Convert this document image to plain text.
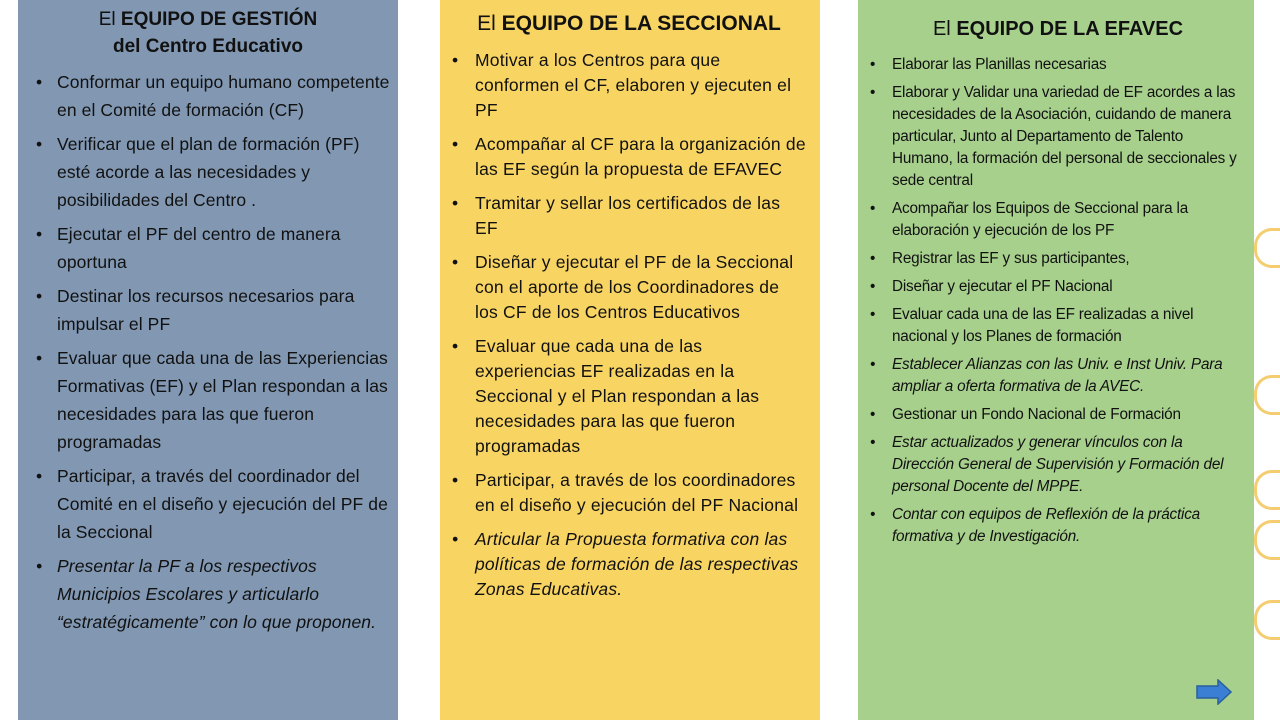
El EQUIPO DE GESTIÓN
del Centro Educativo
• Conformar un equipo humano competente en el Comité de formación (CF)
• Verificar que el plan de formación (PF) esté acorde a las necesidades y posibilidades del Centro .
• Ejecutar el PF del centro de manera oportuna
• Destinar los recursos necesarios para impulsar el PF
• Evaluar que cada una de las Experiencias Formativas (EF) y el Plan respondan a las necesidades para las que fueron programadas
• Participar, a través del coordinador del Comité en el diseño y ejecución del PF de la Seccional
• Presentar la PF a los respectivos Municipios Escolares y articularlo “estratégicamente” con lo que proponen.
El EQUIPO DE LA SECCIONAL
• Motivar a los Centros para que conformen el CF, elaboren y ejecuten el PF
• Acompañar al CF para la organización de las EF según la propuesta de EFAVEC
• Tramitar y sellar los certificados de las EF
• Diseñar y ejecutar el PF de la Seccional con el aporte de los Coordinadores de los CF de los Centros Educativos
• Evaluar que cada una de las experiencias EF realizadas en la Seccional y el Plan respondan a las necesidades para las que fueron programadas
• Participar, a través de los coordinadores en el diseño y ejecución del PF Nacional
• Articular la Propuesta formativa con las políticas de formación de las respectivas Zonas Educativas.
El EQUIPO DE LA EFAVEC
• Elaborar las Planillas necesarias
• Elaborar y Validar una variedad de EF acordes a las necesidades de la Asociación, cuidando de manera particular, Junto al Departamento de Talento Humano, la formación del personal de seccionales y sede central
• Acompañar los Equipos de Seccional para la elaboración y ejecución de los PF
• Registrar las EF y sus participantes,
• Diseñar y ejecutar el PF Nacional
• Evaluar cada una de las EF realizadas a nivel nacional y los Planes de formación
• Establecer Alianzas con las Univ. e Inst Univ. Para ampliar a oferta formativa de la AVEC.
• Gestionar un Fondo Nacional de Formación
• Estar actualizados y generar vínculos con la Dirección General de Supervisión y Formación del personal Docente del MPPE.
• Contar con equipos de Reflexión de la práctica formativa y de Investigación.
